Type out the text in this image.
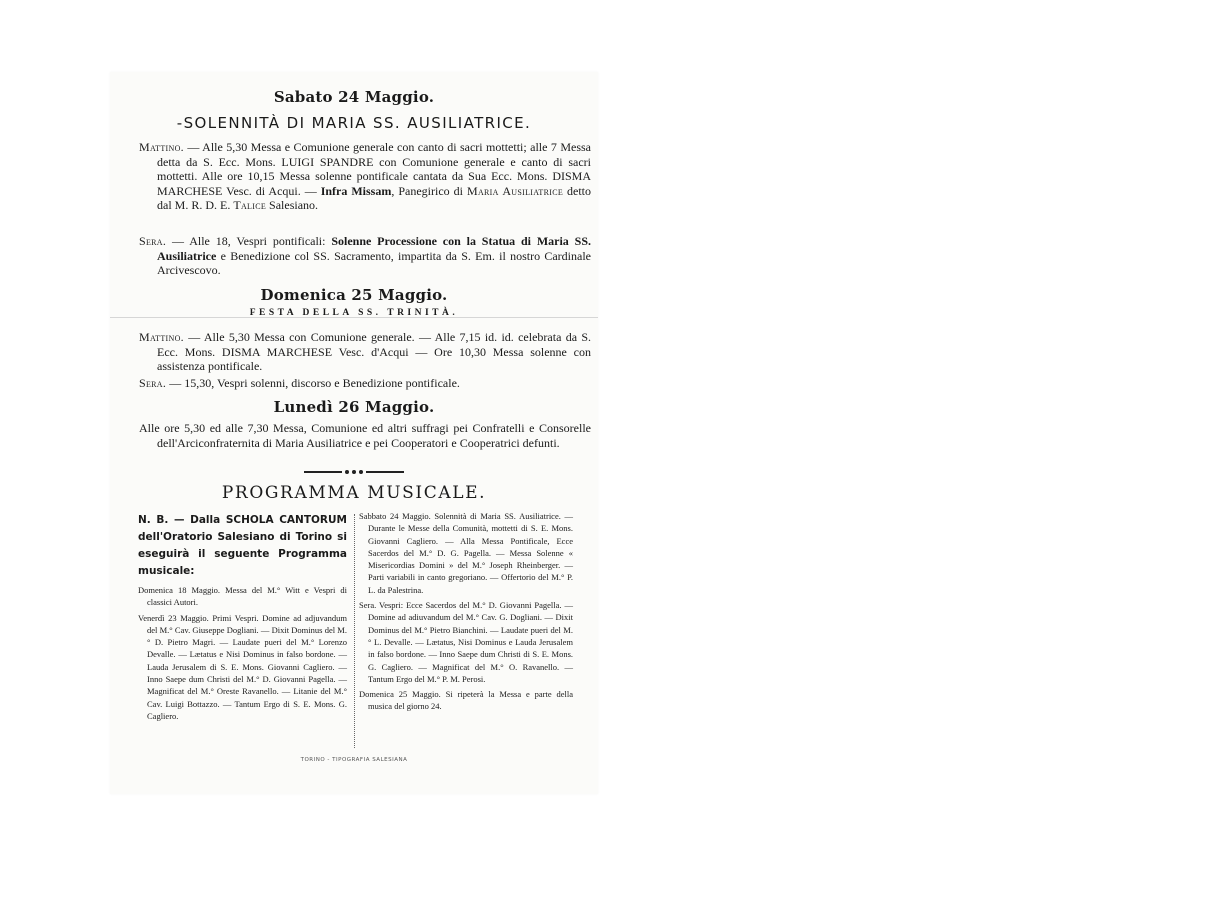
Sabato 24 Maggio.
-SOLENNITÀ DI MARIA SS. AUSILIATRICE.
Mattino. — Alle 5,30 Messa e Comunione generale con canto di sacri mottetti; alle 7 Messa detta da S. Ecc. Mons. LUIGI SPANDRE con Comunione generale e canto di sacri mottetti. Alle ore 10,15 Messa solenne pontificale cantata da Sua Ecc. Mons. DISMA MARCHESE Vesc. di Acqui. — Infra Missam, Panegirico di Maria Ausiliatrice detto dal M. R. D. E. Talice Salesiano.
Sera. — Alle 18, Vespri pontificali: Solenne Processione con la Statua di Maria SS. Ausiliatrice e Benedizione col SS. Sacramento, impartita da S. Em. il nostro Cardinale Arcivescovo.
Domenica 25 Maggio.
FESTA DELLA SS. TRINITÀ.
Mattino. — Alle 5,30 Messa con Comunione generale. — Alle 7,15 id. id. celebrata da S. Ecc. Mons. DISMA MARCHESE Vesc. d'Acqui — Ore 10,30 Messa solenne con assistenza pontificale.
Sera. — 15,30, Vespri solenni, discorso e Benedizione pontificale.
Lunedì 26 Maggio.
Alle ore 5,30 ed alle 7,30 Messa, Comunione ed altri suffragi pei Confratelli e Consorelle dell'Arciconfraternita di Maria Ausiliatrice e pei Cooperatori e Cooperatrici defunti.
PROGRAMMA MUSICALE.
N. B. — Dalla SCHOLA CANTORUM dell'Oratorio Salesiano di Torino si eseguirà il seguente Programma musicale:
Domenica 18 Maggio. Messa del M.° Witt e Vespri di classici Autori.
Venerdì 23 Maggio. Primi Vespri. Domine ad adjuvandum del M.° Cav. Giuseppe Dogliani. — Dixit Dominus del M.° D. Pietro Magri. — Laudate pueri del M.° Lorenzo Devalle. — Lætatus e Nisi Dominus in falso bordone. — Lauda Jerusalem di S. E. Mons. Giovanni Cagliero. — Inno Saepe dum Christi del M.° D. Giovanni Pagella. — Magnificat del M.° Oreste Ravanello. — Litanie del M.° Cav. Luigi Bottazzo. — Tantum Ergo di S. E. Mons. G. Cagliero.
Sabbato 24 Maggio. Solennità di Maria SS. Ausiliatrice. — Durante le Messe della Comunità, mottetti di S. E. Mons. Giovanni Cagliero. — Alla Messa Pontificale, Ecce Sacerdos del M.° D. G. Pagella. — Messa Solenne « Misericordias Domini » del M.° Joseph Rheinberger. — Parti variabili in canto gregoriano. — Offertorio del M.° P. L. da Palestrina.
Sera. Vespri: Ecce Sacerdos del M.° D. Giovanni Pagella. — Domine ad adiuvandum del M.° Cav. G. Dogliani. — Dixit Dominus del M.° Pietro Bianchini. — Laudate pueri del M.° L. Devalle. — Lætatus, Nisi Dominus e Lauda Jerusalem in falso bordone. — Inno Saepe dum Christi di S. E. Mons. G. Cagliero. — Magnificat del M.° O. Ravanello. — Tantum Ergo del M.° P. M. Perosi.
Domenica 25 Maggio. Si ripeterà la Messa e parte della musica del giorno 24.
TORINO - TIPOGRAFIA SALESIANA
